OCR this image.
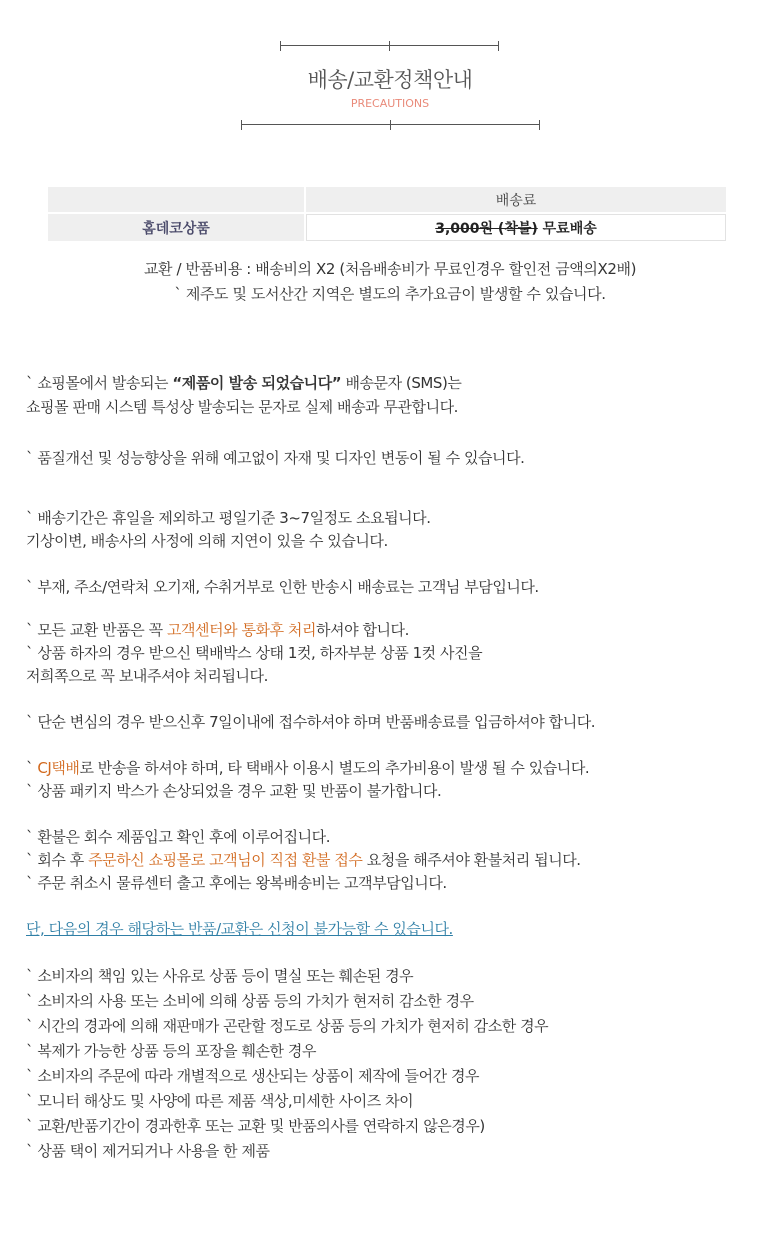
배송/교환정책안내
PRECAUTIONS
	배송료
홈데코상품	3,000원 (착불) 무료배송
교환 / 반품비용 : 배송비의 X2 (처음배송비가 무료인경우 할인전 금액의X2배)
` 제주도 및 도서산간 지역은 별도의 추가요금이 발생할 수 있습니다.
` 쇼핑몰에서 발송되는 “제품이 발송 되었습니다” 배송문자 (SMS)는
쇼핑몰 판매 시스템 특성상 발송되는 문자로 실제 배송과 무관합니다.
` 품질개선 및 성능향상을 위해 예고없이 자재 및 디자인 변동이 될 수 있습니다.
` 배송기간은 휴일을 제외하고 평일기준 3~7일정도 소요됩니다.
기상이변, 배송사의 사정에 의해 지연이 있을 수 있습니다.
` 부재, 주소/연락처 오기재, 수취거부로 인한 반송시 배송료는 고객님 부담입니다.
` 모든 교환 반품은 꼭 고객센터와 통화후 처리하셔야 합니다.
` 상품 하자의 경우 받으신 택배박스 상태 1컷, 하자부분 상품 1컷 사진을
저희쪽으로 꼭 보내주셔야 처리됩니다.
` 단순 변심의 경우 받으신후 7일이내에 접수하셔야 하며 반품배송료를 입금하셔야 합니다.
` CJ택배로 반송을 하셔야 하며, 타 택배사 이용시 별도의 추가비용이 발생 될 수 있습니다.
` 상품 패키지 박스가 손상되었을 경우 교환 및 반품이 불가합니다.
` 환불은 회수 제품입고 확인 후에 이루어집니다.
` 회수 후 주문하신 쇼핑몰로 고객님이 직접 환불 접수 요청을 해주셔야 환불처리 됩니다.
` 주문 취소시 물류센터 출고 후에는 왕복배송비는 고객부담입니다.
단, 다음의 경우 해당하는 반품/교환은 신청이 불가능할 수 있습니다.
` 소비자의 책임 있는 사유로 상품 등이 멸실 또는 훼손된 경우
` 소비자의 사용 또는 소비에 의해 상품 등의 가치가 현저히 감소한 경우
` 시간의 경과에 의해 재판매가 곤란할 정도로 상품 등의 가치가 현저히 감소한 경우
` 복제가 가능한 상품 등의 포장을 훼손한 경우
` 소비자의 주문에 따라 개별적으로 생산되는 상품이 제작에 들어간 경우
` 모니터 해상도 및 사양에 따른 제품 색상,미세한 사이즈 차이
` 교환/반품기간이 경과한후 또는 교환 및 반품의사를 연락하지 않은경우)
` 상품 택이 제거되거나 사용을 한 제품
